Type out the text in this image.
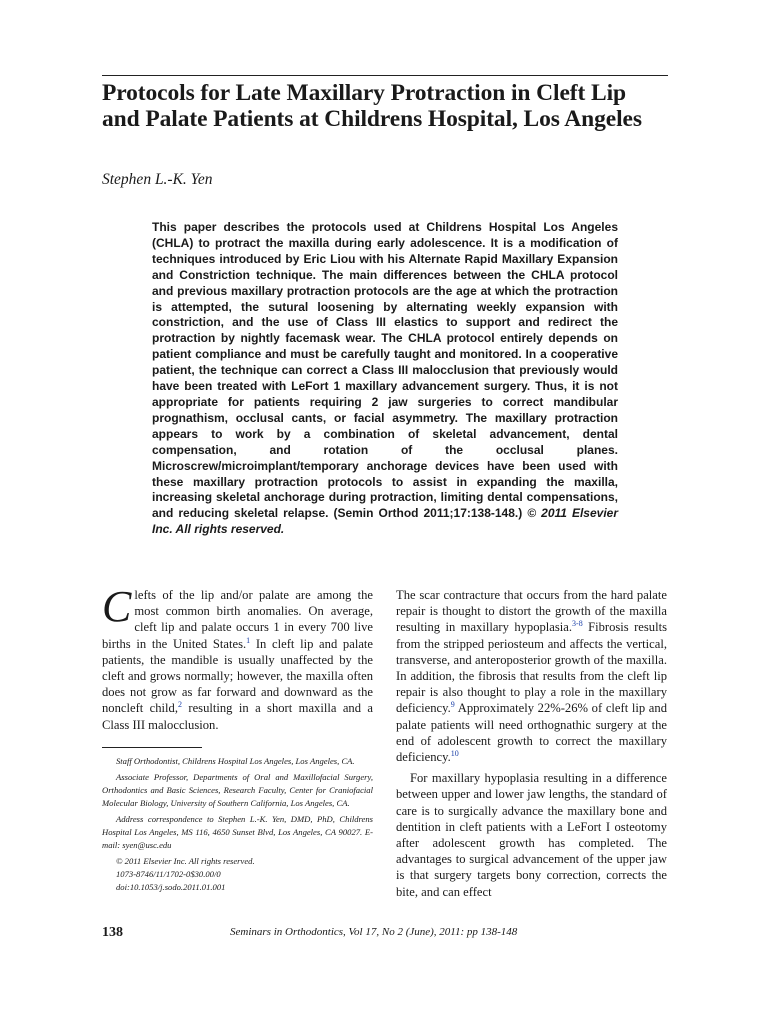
Protocols for Late Maxillary Protraction in Cleft Lip and Palate Patients at Childrens Hospital, Los Angeles
Stephen L.-K. Yen

This paper describes the protocols used at Childrens Hospital Los Angeles (CHLA) to protract the maxilla during early adolescence. It is a modification of techniques introduced by Eric Liou with his Alternate Rapid Maxillary Expansion and Constriction technique. The main differences between the CHLA protocol and previous maxillary protraction protocols are the age at which the protraction is attempted, the sutural loosening by alternating weekly expansion with constriction, and the use of Class III elastics to support and redirect the protraction by nightly facemask wear. The CHLA protocol entirely depends on patient compliance and must be carefully taught and monitored. In a cooperative patient, the technique can correct a Class III malocclusion that previously would have been treated with LeFort 1 maxillary advancement surgery. Thus, it is not appropriate for patients requiring 2 jaw surgeries to correct mandibular prognathism, occlusal cants, or facial asymmetry. The maxillary protraction appears to work by a combination of skeletal advancement, dental compensation, and rotation of the occlusal planes. Microscrew/microimplant/temporary anchorage devices have been used with these maxillary protraction protocols to assist in expanding the maxilla, increasing skeletal anchorage during protraction, limiting dental compensations, and reducing skeletal relapse. (Semin Orthod 2011;17:138-148.) © 2011 Elsevier Inc. All rights reserved.

Clefts of the lip and/or palate are among the most common birth anomalies. On average, cleft lip and palate occurs 1 in every 700 live births in the United States.$^1$ In cleft lip and palate patients, the mandible is usually unaffected by the cleft and grows normally; however, the maxilla often does not grow as far forward and downward as the noncleft child,$^2$ resulting in a short maxilla and a Class III malocclusion.

Staff Orthodontist, Childrens Hospital Los Angeles, Los Angeles, CA.

Associate Professor, Departments of Oral and Maxillofacial Surgery, Orthodontics and Basic Sciences, Research Faculty, Center for Craniofacial Molecular Biology, University of Southern California, Los Angeles, CA.

Address correspondence to Stephen L.-K. Yen, DMD, PhD, Childrens Hospital Los Angeles, MS 116, 4650 Sunset Blvd, Los Angeles, CA 90027. E-mail: syen@usc.edu

© 2011 Elsevier Inc. All rights reserved.

1073-8746/11/1702-0$30.00/0

doi:10.1053/j.sodo.2011.01.001

The scar contracture that occurs from the hard palate repair is thought to distort the growth of the maxilla resulting in maxillary hypoplasia.$^{3-8}$ Fibrosis results from the stripped periosteum and affects the vertical, transverse, and anteroposterior growth of the maxilla. In addition, the fibrosis that results from the cleft lip repair is also thought to play a role in the maxillary deficiency.$^9$ Approximately 22%-26% of cleft lip and palate patients will need orthognathic surgery at the end of adolescent growth to correct the maxillary deficiency.$^{10}$

For maxillary hypoplasia resulting in a difference between upper and lower jaw lengths, the standard of care is to surgically advance the maxillary bone and dentition in cleft patients with a LeFort I osteotomy after adolescent growth has completed. The advantages to surgical advancement of the upper jaw is that surgery targets bony correction, corrects the bite, and can effect

138	Seminars in Orthodontics, Vol 17, No 2 (June), 2011: pp 138-148
